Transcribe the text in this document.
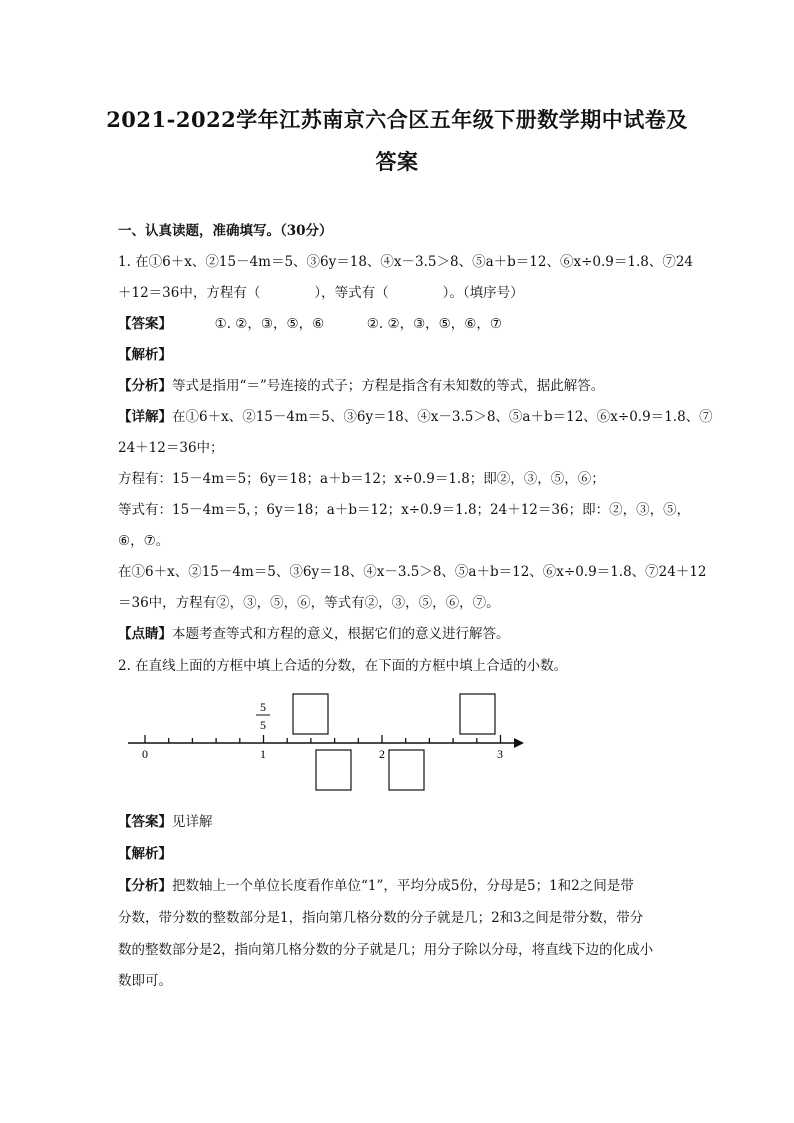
2021-2022学年江苏南京六合区五年级下册数学期中试卷及
答案
一、认真读题，准确填写。（30分）
1. 在①6＋x、②15－4m＝5、③6y＝18、④x－3.5＞8、⑤a＋b＝12、⑥x÷0.9＝1.8、⑦24
＋12＝36中，方程有（　　　　），等式有（　　　　）。（填序号）
【答案】	①. ②，③，⑤，⑥	②. ②，③，⑤，⑥，⑦
【解析】
【分析】等式是指用“＝”号连接的式子；方程是指含有未知数的等式，据此解答。
【详解】在①6＋x、②15－4m＝5、③6y＝18、④x－3.5＞8、⑤a＋b＝12、⑥x÷0.9＝1.8、⑦
24＋12＝36中；
方程有：15－4m＝5；6y＝18；a＋b＝12；x÷0.9＝1.8；即②，③，⑤，⑥；
等式有：15－4m＝5，；6y＝18；a＋b＝12；x÷0.9＝1.8；24＋12＝36；即：②，③，⑤，
⑥，⑦。
在①6＋x、②15－4m＝5、③6y＝18、④x－3.5＞8、⑤a＋b＝12、⑥x÷0.9＝1.8、⑦24＋12
＝36中，方程有②，③，⑤，⑥，等式有②，③，⑤，⑥，⑦。
【点睛】本题考查等式和方程的意义，根据它们的意义进行解答。
2. 在直线上面的方框中填上合适的分数，在下面的方框中填上合适的小数。
0	1	2	3
5
5
【答案】见详解
【解析】
【分析】把数轴上一个单位长度看作单位“1”，平均分成5份，分母是5；1和2之间是带
分数，带分数的整数部分是1，指向第几格分数的分子就是几；2和3之间是带分数，带分
数的整数部分是2，指向第几格分数的分子就是几；用分子除以分母，将直线下边的化成小
数即可。
